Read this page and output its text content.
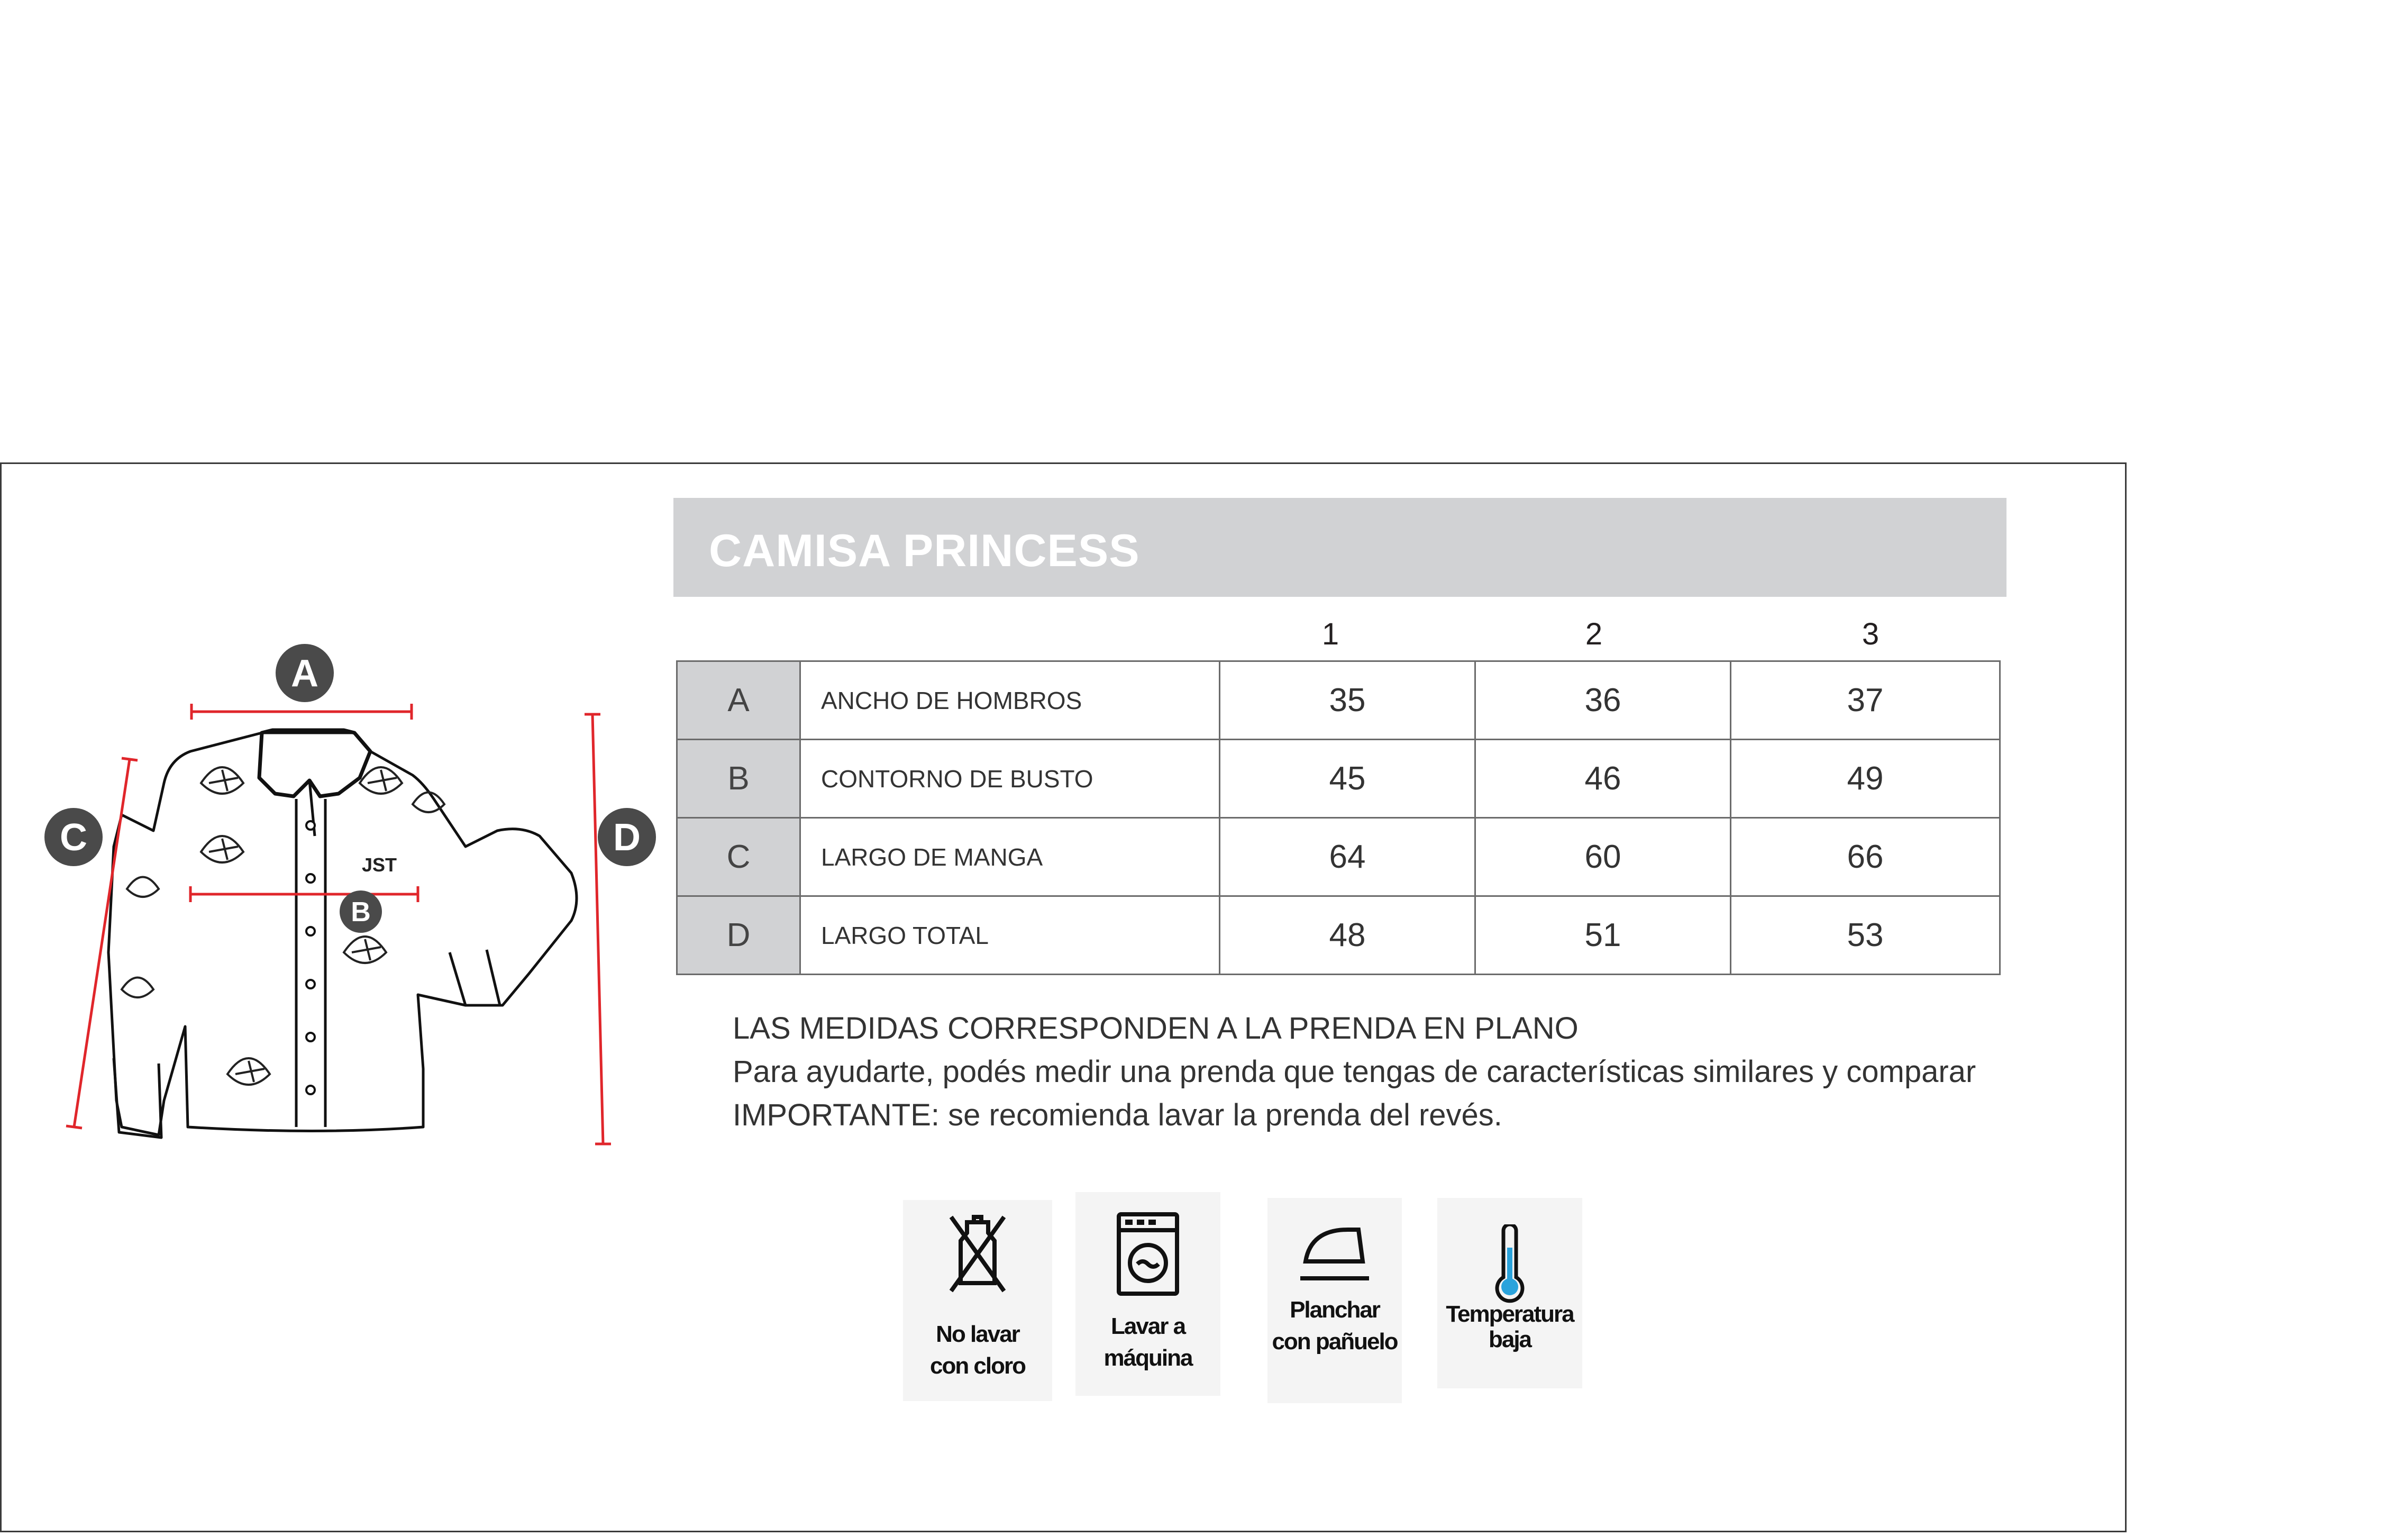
CAMISA PRINCESS
1	2	3
A	ANCHO DE HOMBROS	35	36	37
B	CONTORNO DE BUSTO	45	46	49
C	LARGO DE MANGA	64	60	66
D	LARGO TOTAL	48	51	53
LAS MEDIDAS CORRESPONDEN A LA PRENDA EN PLANO
Para ayudarte, podés medir una prenda que tengas de características similares y comparar
IMPORTANTE: se recomienda lavar la prenda del revés.
A
B
C	D
JST
No lavar
con cloro
Lavar a
máquina
Planchar
con pañuelo
Temperatura
baja
